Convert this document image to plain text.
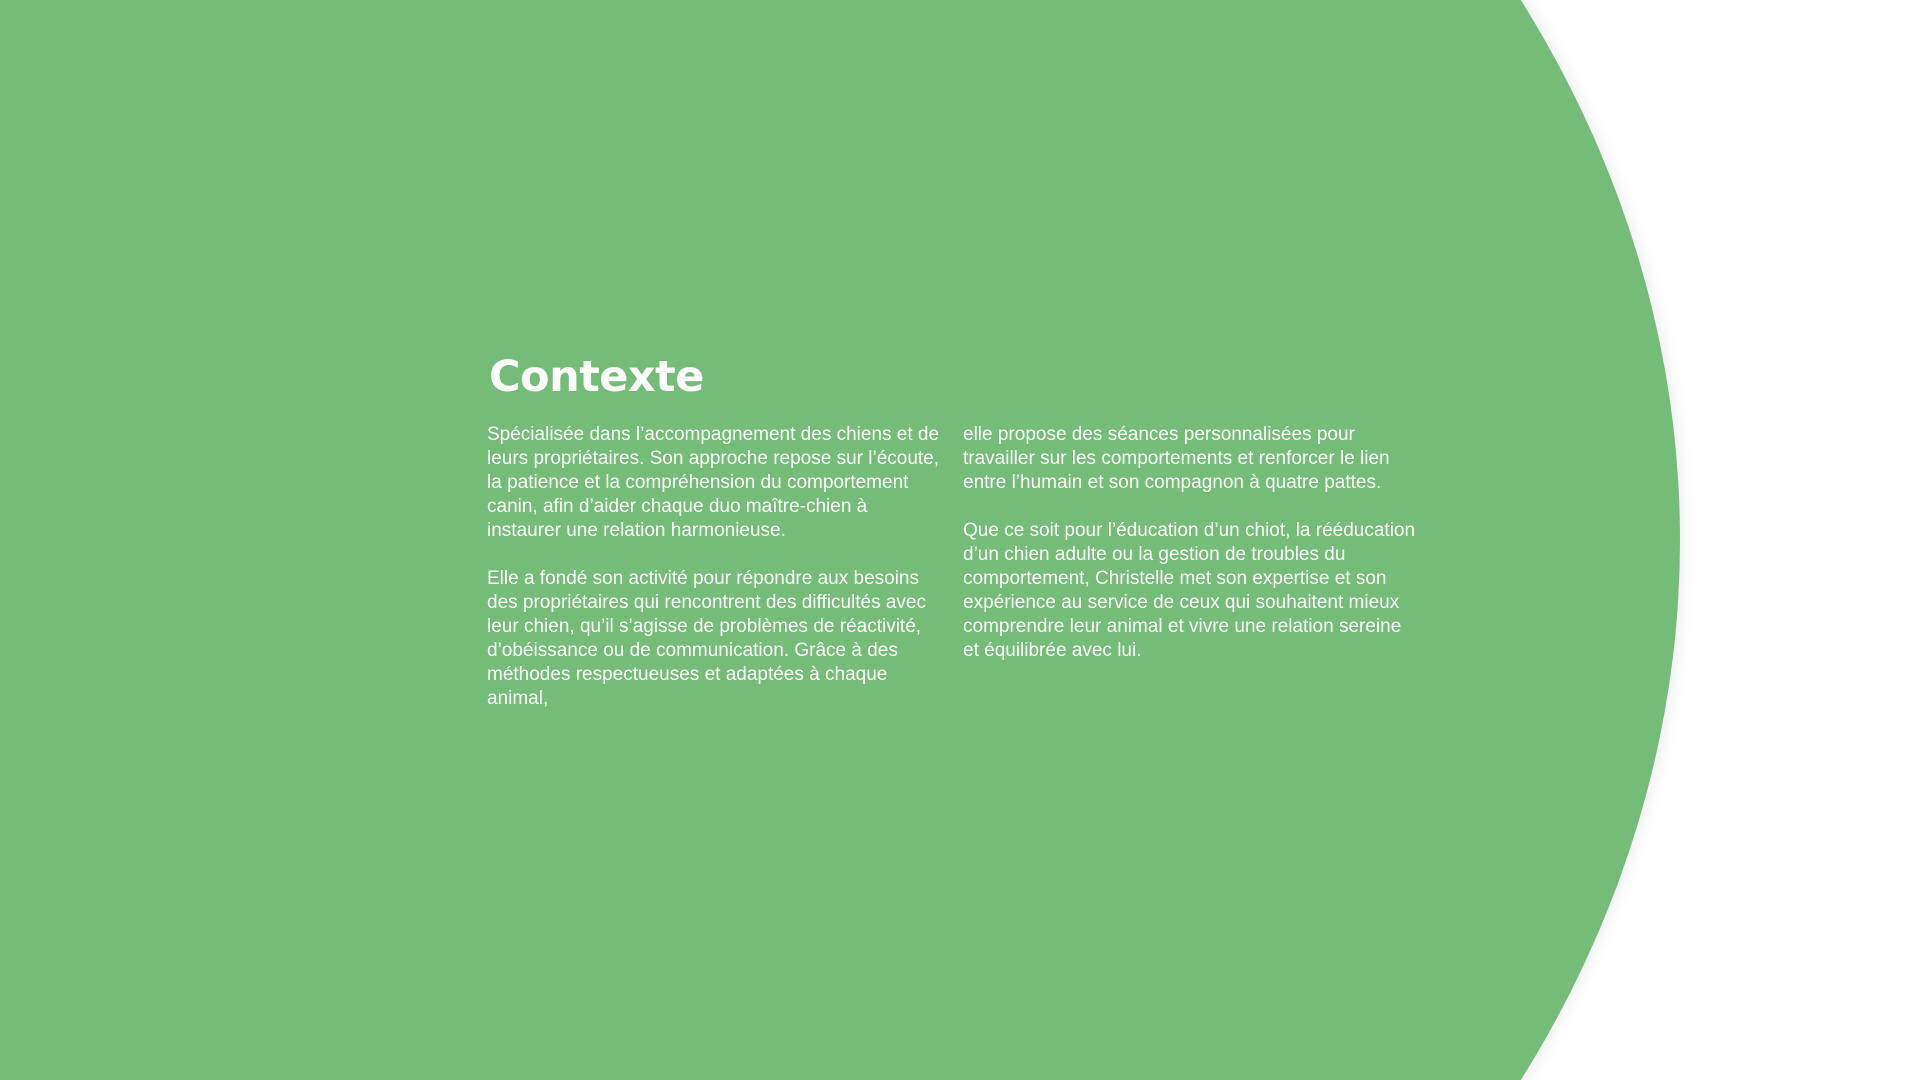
Contexte

Spécialisée dans l’accompagnement des chiens et de leurs propriétaires. Son approche repose sur l’écoute, la patience et la compréhension du comportement canin, afin d’aider chaque duo maître-chien à instaurer une relation harmonieuse.

Elle a fondé son activité pour répondre aux besoins des propriétaires qui rencontrent des difficultés avec leur chien, qu’il s’agisse de problèmes de réactivité, d’obéissance ou de communication. Grâce à des méthodes respectueuses et adaptées à chaque animal,

elle propose des séances personnalisées pour travailler sur les comportements et renforcer le lien entre l’humain et son compagnon à quatre pattes.

Que ce soit pour l’éducation d’un chiot, la rééducation d’un chien adulte ou la gestion de troubles du comportement, Christelle met son expertise et son expérience au service de ceux qui souhaitent mieux comprendre leur animal et vivre une relation sereine et équilibrée avec lui.
